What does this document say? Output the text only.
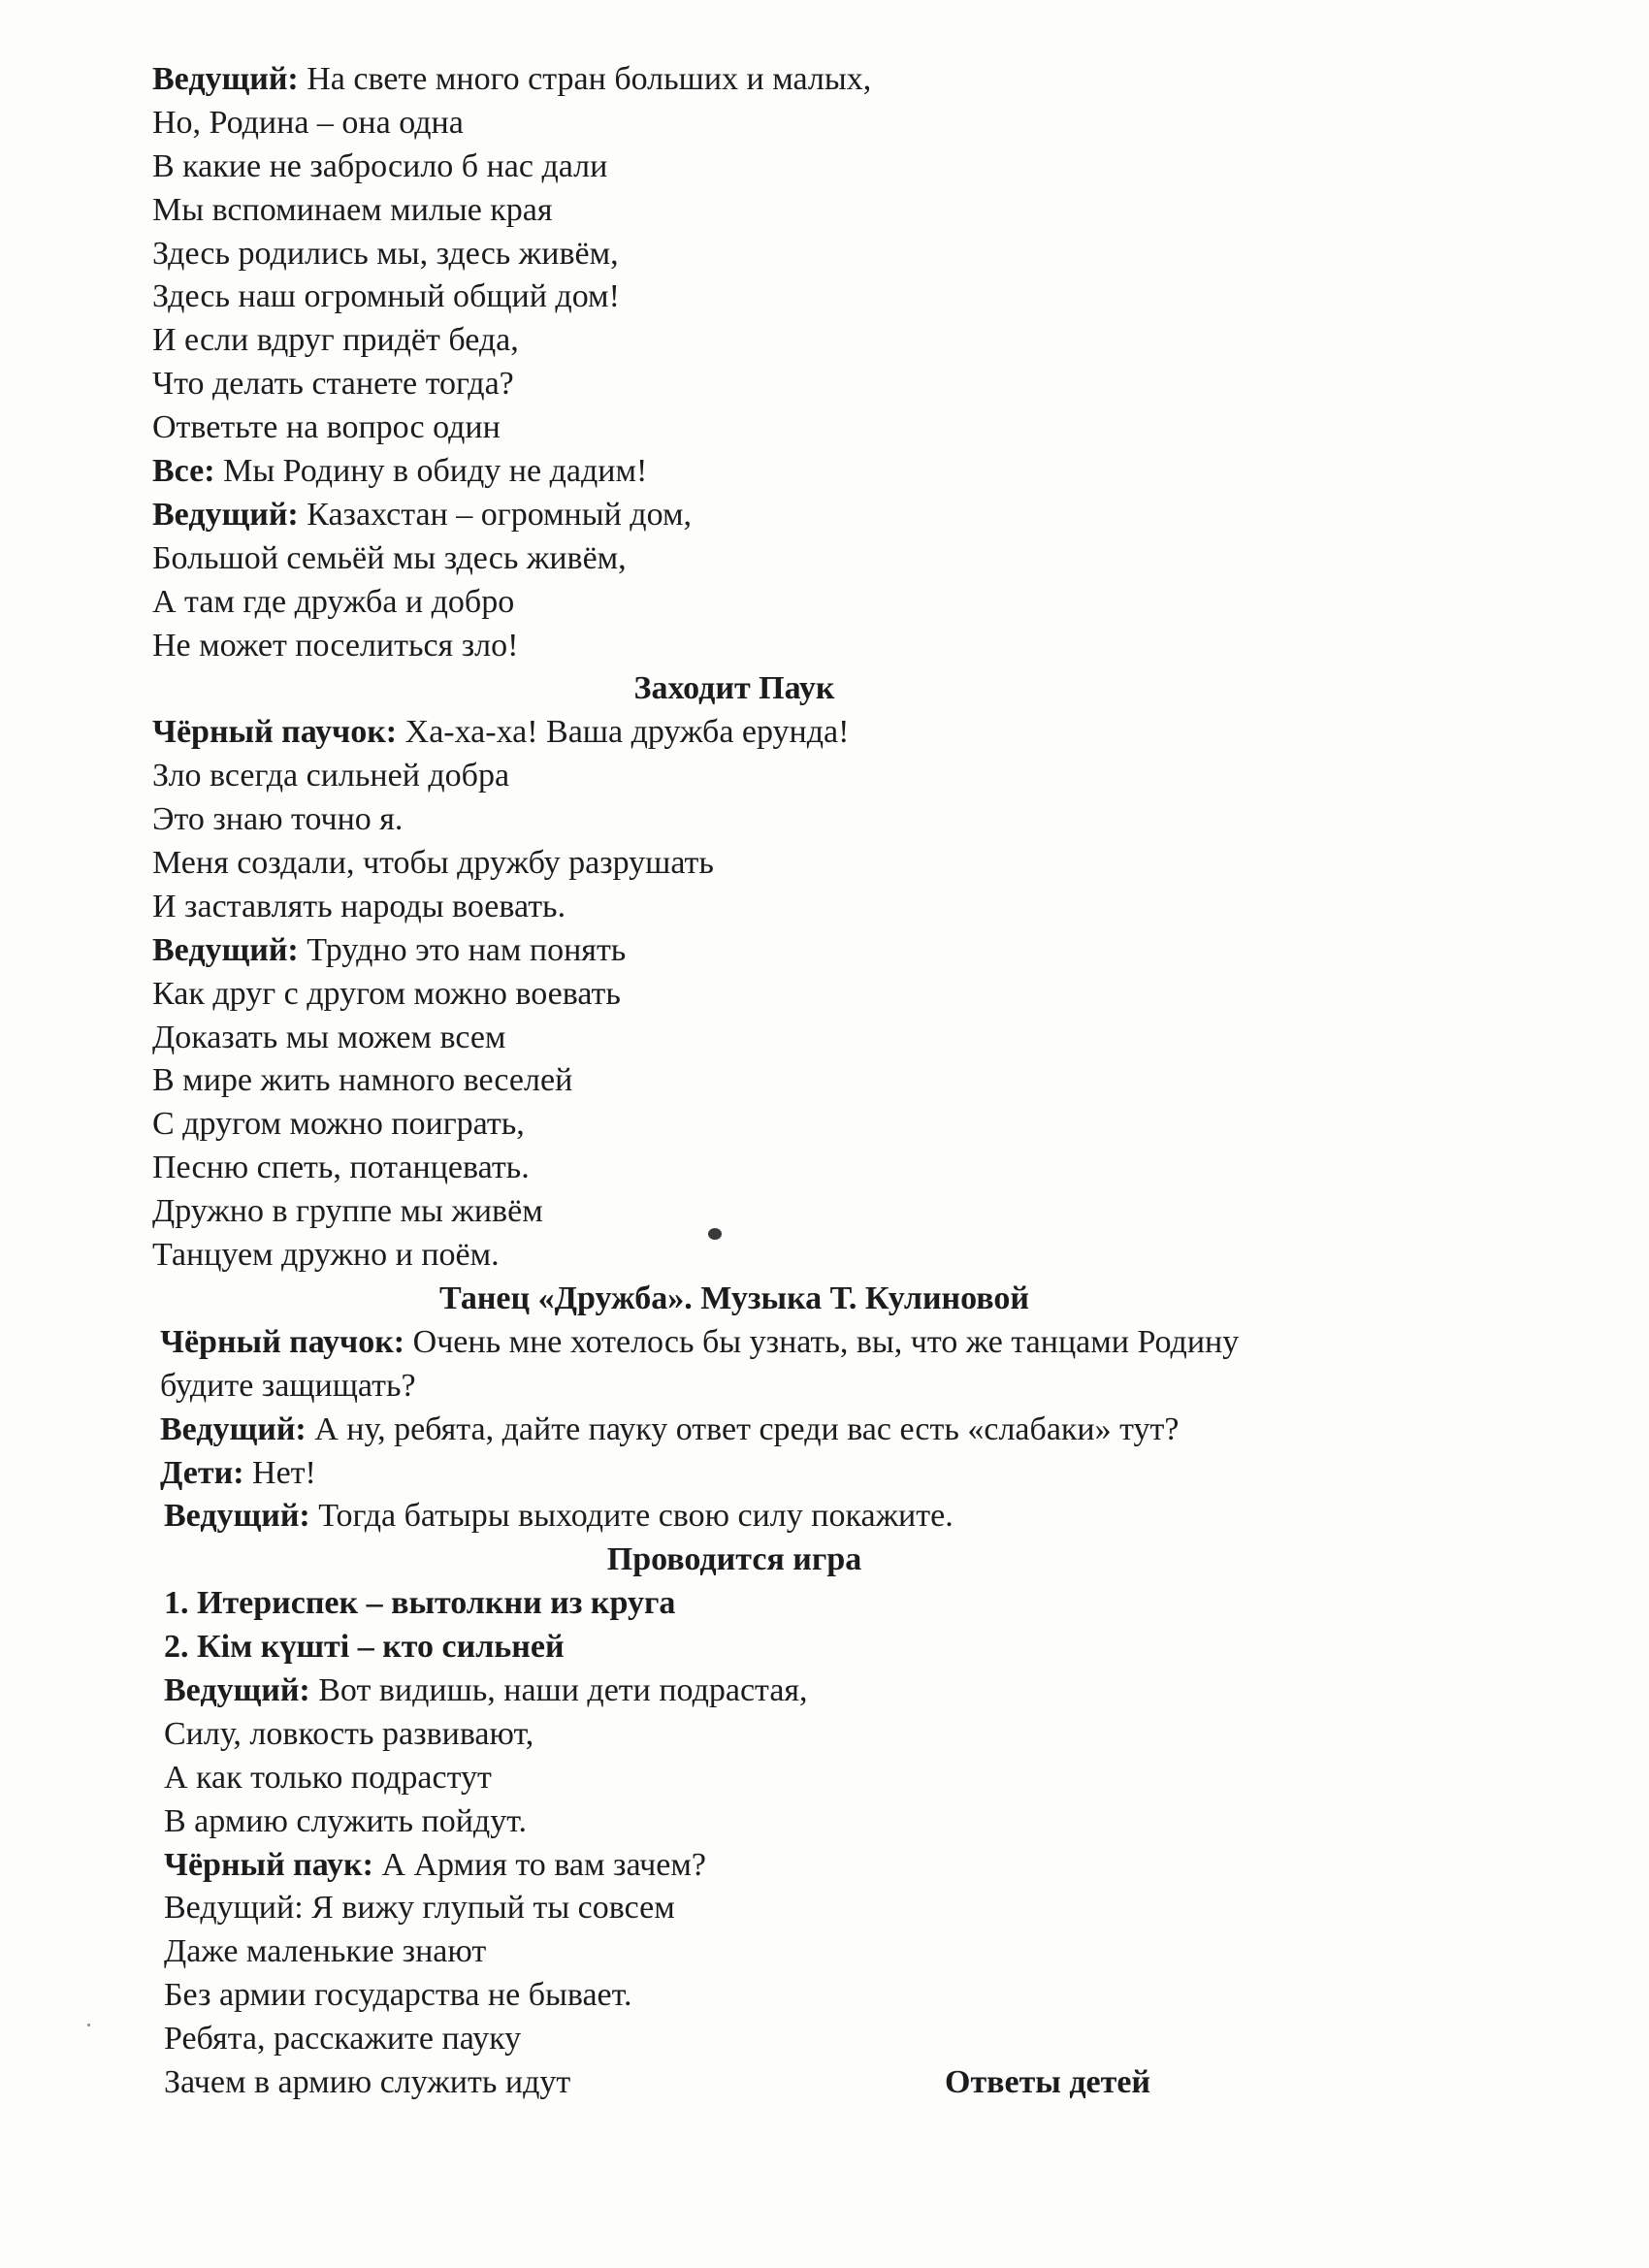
Ведущий: На свете много стран больших и малых,
Но, Родина – она одна
В какие не забросило б нас дали
Мы вспоминаем милые края
Здесь родились мы, здесь живём,
Здесь наш огромный общий дом!
И если вдруг придёт беда,
Что делать станете тогда?
Ответьте на вопрос один
Все: Мы Родину в обиду не дадим!
Ведущий: Казахстан – огромный дом,
Большой семьёй мы здесь живём,
А там где дружба и добро
Не может поселиться зло!
Заходит Паук
Чёрный паучок: Ха-ха-ха! Ваша дружба ерунда!
Зло всегда сильней добра
Это знаю точно я.
Меня создали, чтобы дружбу разрушать
И заставлять народы воевать.
Ведущий: Трудно это нам понять
Как друг с другом можно воевать
Доказать мы можем всем
В мире жить намного веселей
С другом можно поиграть,
Песню спеть, потанцевать.
Дружно в группе мы живём
Танцуем дружно и поём.
Танец «Дружба». Музыка Т. Кулиновой
Чёрный паучок: Очень мне хотелось бы узнать, вы, что же танцами Родину
будите защищать?
Ведущий: А ну, ребята, дайте пауку ответ среди вас есть «слабаки» тут?
Дети: Нет!
Ведущий: Тогда батыры выходите свою силу покажите.
Проводится игра
1. Итериспек – вытолкни из круга
2. Кім күшті – кто сильней
Ведущий: Вот видишь, наши дети подрастая,
Силу, ловкость развивают,
А как только подрастут
В армию служить пойдут.
Чёрный паук: А Армия то вам зачем?
Ведущий: Я вижу глупый ты совсем
Даже маленькие знают
Без армии государства не бывает.
Ребята, расскажите пауку
Зачем в армию служить идут	Ответы детей
